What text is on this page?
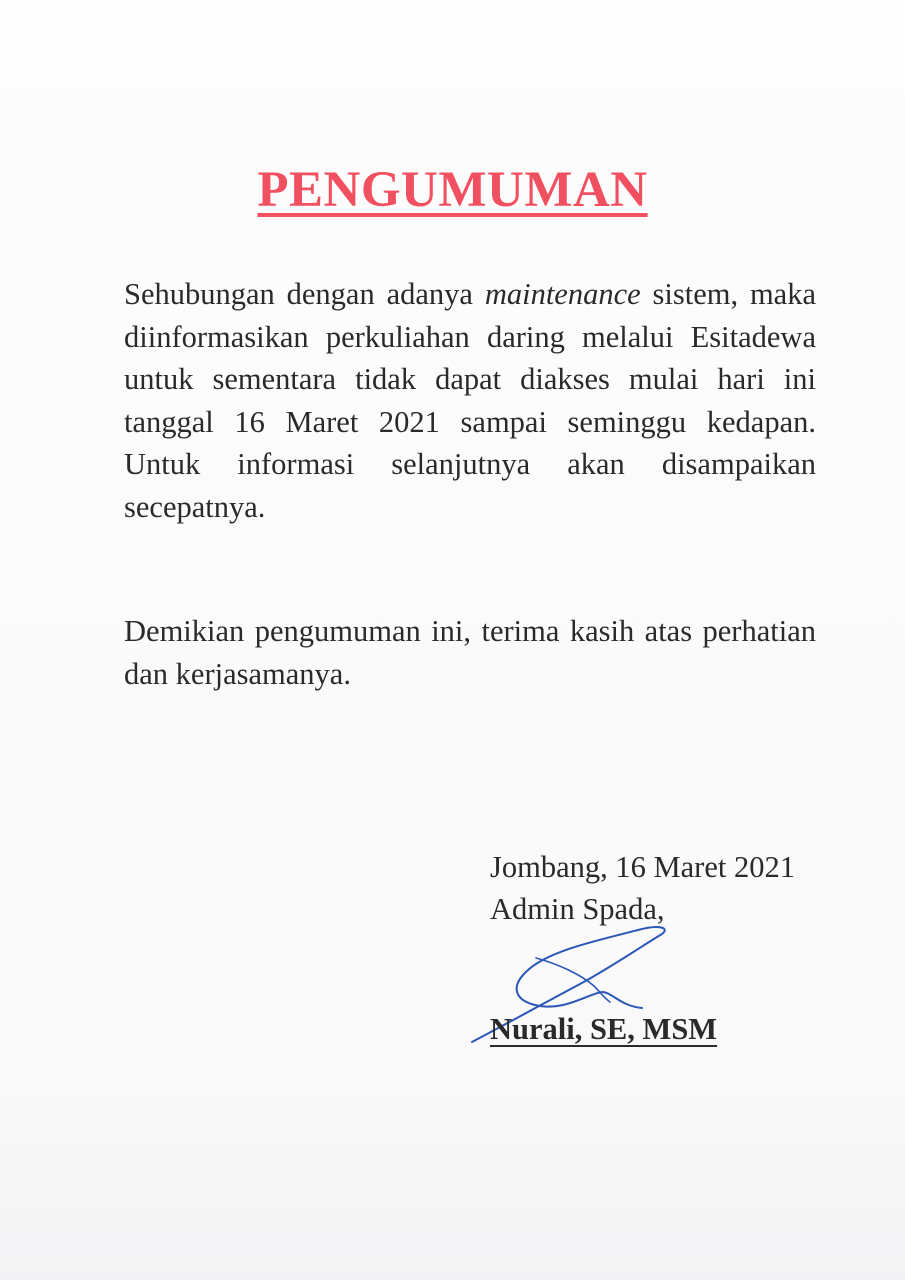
PENGUMUMAN

Sehubungan dengan adanya maintenance sistem, maka diinformasikan perkuliahan daring melalui Esitadewa untuk sementara tidak dapat diakses mulai hari ini tanggal 16 Maret 2021 sampai seminggu kedapan. Untuk informasi selanjutnya akan disampaikan secepatnya.

Demikian pengumuman ini, terima kasih atas perhatian dan kerjasamanya.

Jombang, 16 Maret 2021
Admin Spada,
Nurali, SE, MSM
